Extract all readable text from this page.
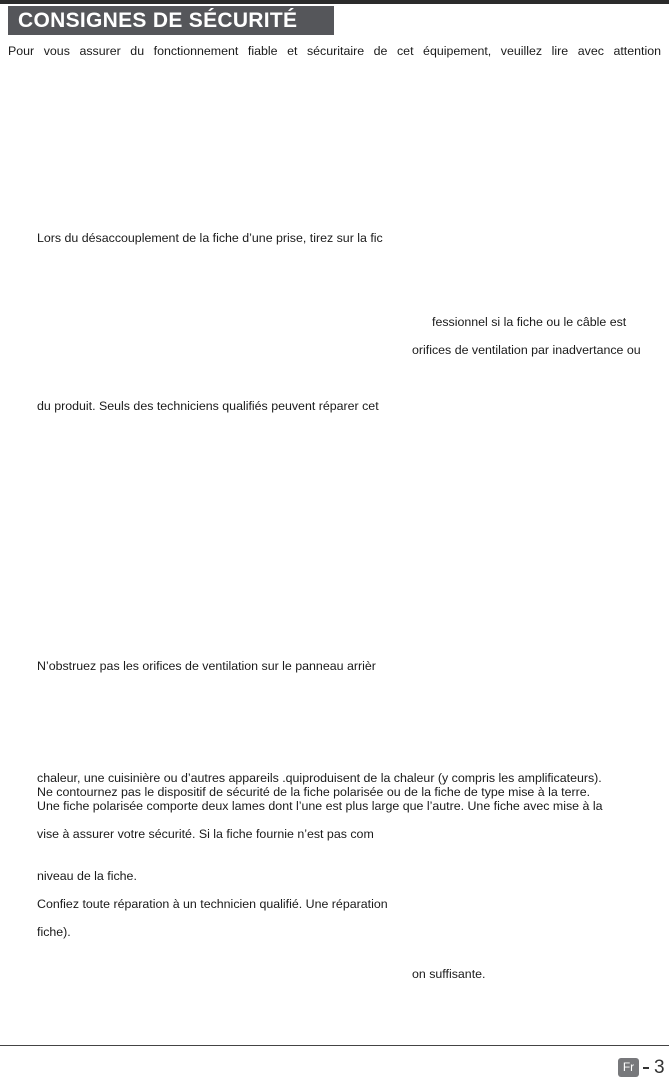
CONSIGNES DE SÉCURITÉ
Pour vous assurer du fonctionnement fiable et sécuritaire de cet équipement, veuillez lire avec attention
Lors du désaccouplement de la fiche d’une prise, tirez sur la fic
fessionnel si la fiche ou le câble est
orifices de ventilation par inadvertance ou
du produit. Seuls des techniciens qualifiés peuvent réparer cet
N’obstruez pas les orifices de ventilation sur le panneau arrièr
chaleur, une cuisinière ou d’autres appareils .quiproduisent de la chaleur (y compris les amplificateurs).
Ne contournez pas le dispositif de sécurité de la fiche polarisée ou de la fiche de type mise à la terre.
Une fiche polarisée comporte deux lames dont l’une est plus large que l’autre. Une fiche avec mise à la
vise à assurer votre sécurité. Si la fiche fournie n’est pas com
niveau de la fiche.
Confiez toute réparation à un technicien qualifié. Une réparation
fiche).
on suffisante.
Fr 3
